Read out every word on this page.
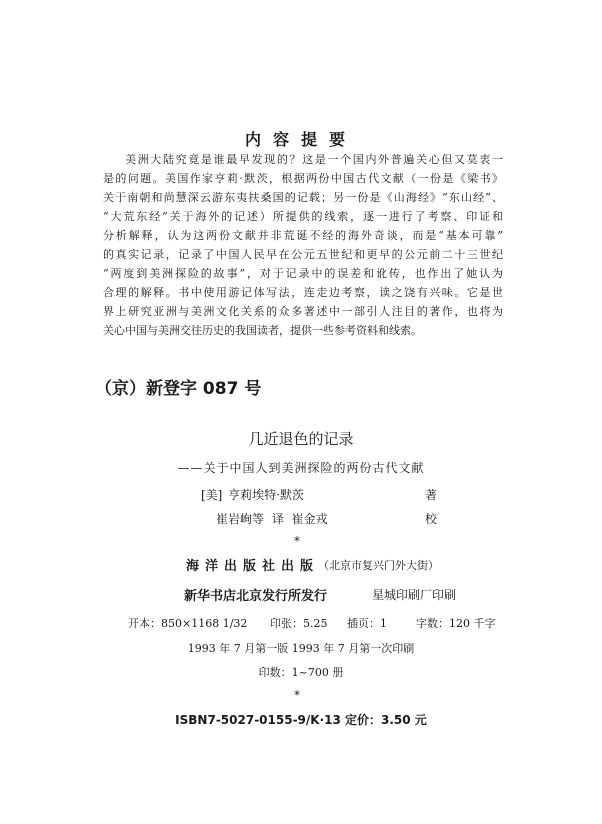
内容提要
美洲大陆究竟是谁最早发现的？这是一个国内外普遍关心但又莫衷一
是的问题。美国作家亨莉·默茨，根据两份中国古代文献（一份是《梁书》
关于南朝和尚慧深云游东夷扶桑国的记载；另一份是《山海经》“东山经”、
“大荒东经”关于海外的记述）所提供的线索，逐一进行了考察、印证和
分析解释，认为这两份文献并非荒诞不经的海外奇谈，而是“基本可靠”
的真实记录，记录了中国人民早在公元五世纪和更早的公元前二十三世纪
“两度到美洲探险的故事”，对于记录中的误差和讹传，也作出了她认为
合理的解释。书中使用游记体写法，连走边考察，读之饶有兴味。它是世
界上研究亚洲与美洲文化关系的众多著述中一部引人注目的著作，也将为
关心中国与美洲交往历史的我国读者，提供一些参考资料和线索。
（京）新登字 087 号
几近退色的记录
——关于中国人到美洲探险的两份古代文献
[美] 亨莉埃特·默茨	著
崔岩峋等 译 崔金戎	校
*
海洋出版社出版
（北京市复兴门外大街）
新华书店北京发行所发行	星城印刷厂印刷
开本：850×1168 1/32 印张：5.25 插页：1	字数：120 千字
1993 年 7 月第一版 1993 年 7 月第一次印刷
印数：1~700 册
*
ISBN7-5027-0155-9/K·13 定价：3.50 元
